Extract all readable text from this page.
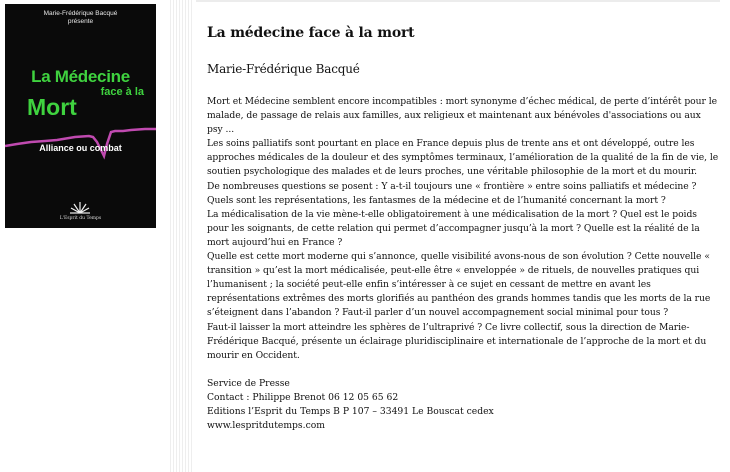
Marie-Frédérique Bacqué
présente
La Médecine
face à la
Mort
Alliance ou combat
L'Esprit du Temps
La médecine face à la mort
Marie-Frédérique Bacqué
Mort et Médecine semblent encore incompatibles : mort synonyme d’échec médical, de perte d’intérêt pour le malade, de passage de relais aux familles, aux religieux et maintenant aux bénévoles d'associations ou aux psy ...
Les soins palliatifs sont pourtant en place en France depuis plus de trente ans et ont développé, outre les approches médicales de la douleur et des symptômes terminaux, l’amélioration de la qualité de la fin de vie, le soutien psychologique des malades et de leurs proches, une véritable philosophie de la mort et du mourir.
De nombreuses questions se posent : Y a-t-il toujours une « frontière » entre soins palliatifs et médecine ? Quels sont les représentations, les fantasmes de la médecine et de l’humanité concernant la mort ?
La médicalisation de la vie mène-t-elle obligatoirement à une médicalisation de la mort ? Quel est le poids pour les soignants, de cette relation qui permet d’accompagner jusqu’à la mort ? Quelle est la réalité de la mort aujourd’hui en France ?
Quelle est cette mort moderne qui s’annonce, quelle visibilité avons-nous de son évolution ? Cette nouvelle « transition » qu’est la mort médicalisée, peut-elle être « enveloppée » de rituels, de nouvelles pratiques qui l’humanisent ; la société peut-elle enfin s’intéresser à ce sujet en cessant de mettre en avant les représentations extrêmes des morts glorifiés au panthéon des grands hommes tandis que les morts de la rue s’éteignent dans l’abandon ? Faut-il parler d’un nouvel accompagnement social minimal pour tous ?
Faut-il laisser la mort atteindre les sphères de l’ultraprivé ? Ce livre collectif, sous la direction de Marie-Frédérique Bacqué, présente un éclairage pluridisciplinaire et internationale de l’approche de la mort et du mourir en Occident.
Service de Presse
Contact : Philippe Brenot 06 12 05 65 62
Editions l’Esprit du Temps B P 107 – 33491 Le Bouscat cedex
www.lespritdutemps.com
